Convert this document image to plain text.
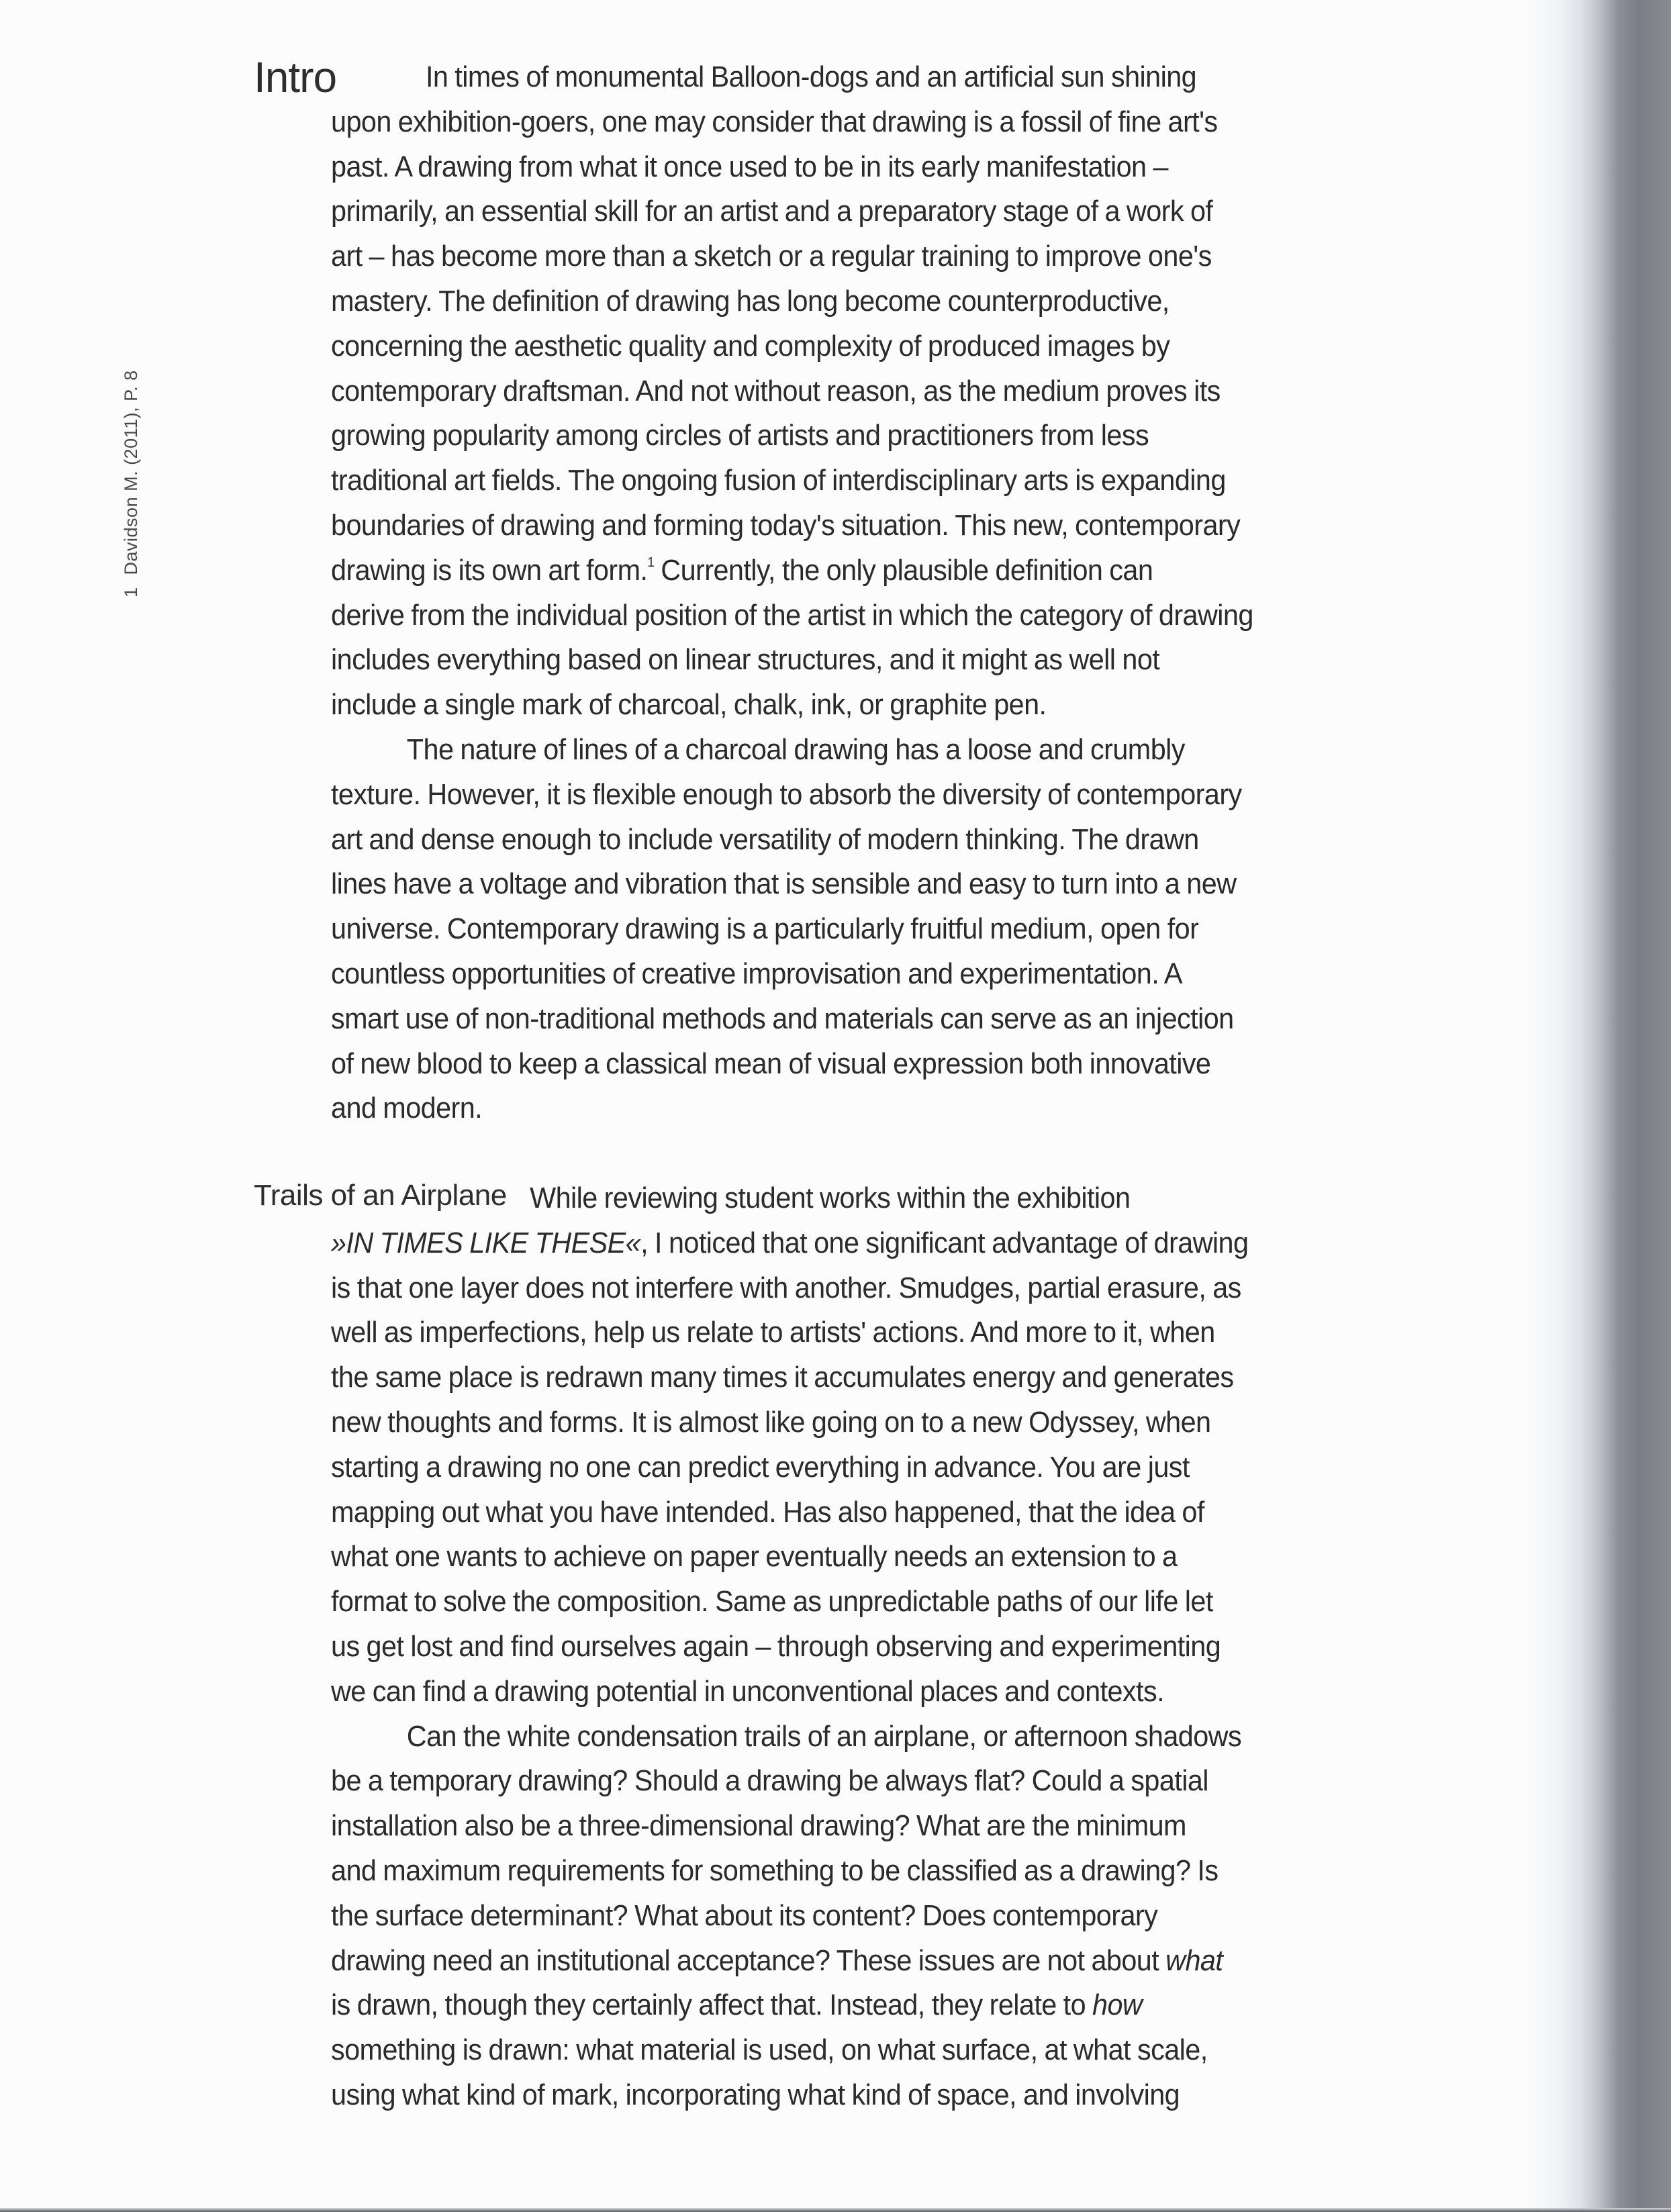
1Davidson M. (2011), P. 8
Intro	In times of monumental Balloon-dogs and an artificial sun shining
upon exhibition-goers, one may consider that drawing is a fossil of fine art's
past. A drawing from what it once used to be in its early manifestation –
primarily, an essential skill for an artist and a preparatory stage of a work of
art – has become more than a sketch or a regular training to improve one's
mastery. The definition of drawing has long become counterproductive,
concerning the aesthetic quality and complexity of produced images by
contemporary draftsman. And not without reason, as the medium proves its
growing popularity among circles of artists and practitioners from less
traditional art fields. The ongoing fusion of interdisciplinary arts is expanding
boundaries of drawing and forming today's situation. This new, contemporary
drawing is its own art form.$^1$ Currently, the only plausible definition can
derive from the individual position of the artist in which the category of drawing
includes everything based on linear structures, and it might as well not
include a single mark of charcoal, chalk, ink, or graphite pen.
The nature of lines of a charcoal drawing has a loose and crumbly
texture. However, it is flexible enough to absorb the diversity of contemporary
art and dense enough to include versatility of modern thinking. The drawn
lines have a voltage and vibration that is sensible and easy to turn into a new
universe. Contemporary drawing is a particularly fruitful medium, open for
countless opportunities of creative improvisation and experimentation. A
smart use of non-traditional methods and materials can serve as an injection
of new blood to keep a classical mean of visual expression both innovative
and modern.
Trails of an Airplane While reviewing student works within the exhibition
»IN TIMES LIKE THESE«, I noticed that one significant advantage of drawing
is that one layer does not interfere with another. Smudges, partial erasure, as
well as imperfections, help us relate to artists' actions. And more to it, when
the same place is redrawn many times it accumulates energy and generates
new thoughts and forms. It is almost like going on to a new Odyssey, when
starting a drawing no one can predict everything in advance. You are just
mapping out what you have intended. Has also happened, that the idea of
what one wants to achieve on paper eventually needs an extension to a
format to solve the composition. Same as unpredictable paths of our life let
us get lost and find ourselves again – through observing and experimenting
we can find a drawing potential in unconventional places and contexts.
Can the white condensation trails of an airplane, or afternoon shadows
be a temporary drawing? Should a drawing be always flat? Could a spatial
installation also be a three-dimensional drawing? What are the minimum
and maximum requirements for something to be classified as a drawing? Is
the surface determinant? What about its content? Does contemporary
drawing need an institutional acceptance? These issues are not about what
is drawn, though they certainly affect that. Instead, they relate to how
something is drawn: what material is used, on what surface, at what scale,
using what kind of mark, incorporating what kind of space, and involving
